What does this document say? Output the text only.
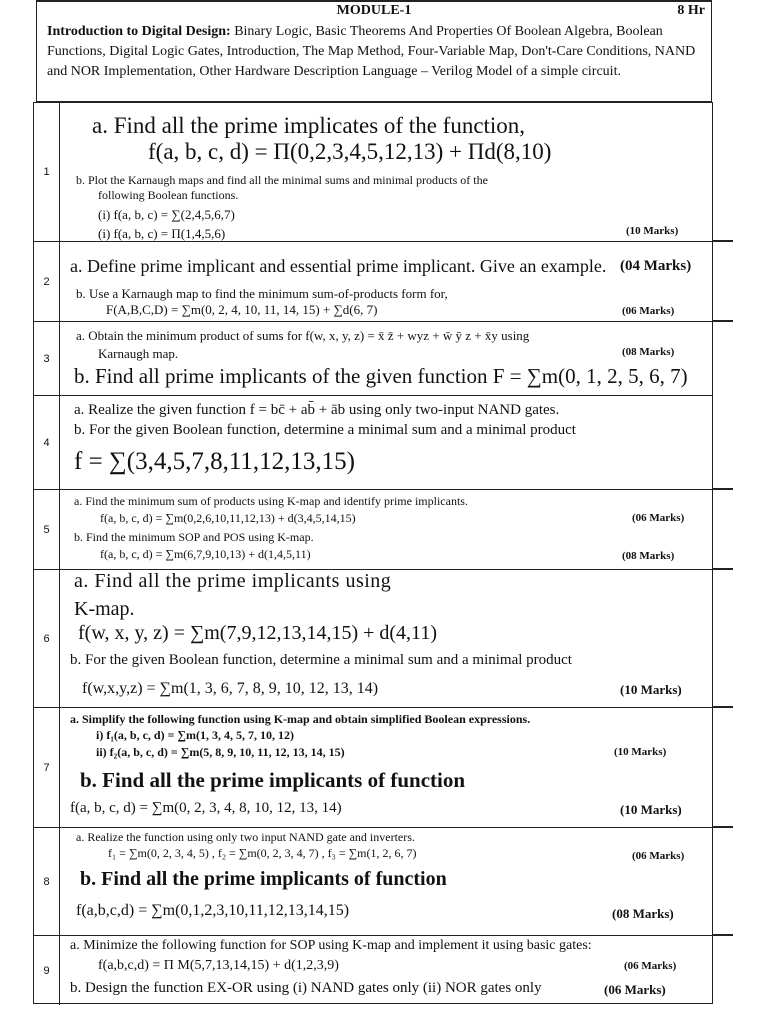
MODULE-1	8 Hr
Introduction to Digital Design: Binary Logic, Basic Theorems And Properties Of Boolean Algebra, Boolean Functions, Digital Logic Gates, Introduction, The Map Method, Four-Variable Map, Don't-Care Conditions, NAND and NOR Implementation, Other Hardware Description Language – Verilog Model of a simple circuit.
1
a. Find all the prime implicates of the function,
f(a, b, c, d) = Π(0,2,3,4,5,12,13) + Πd(8,10)
b. Plot the Karnaugh maps and find all the minimal sums and minimal products of the
following Boolean functions.
(i) f(a, b, c) = ∑(2,4,5,6,7)
(i) f(a, b, c) = Π(1,4,5,6)	(10 Marks)
2
a. Define prime implicant and essential prime implicant. Give an example. (04 Marks)
b. Use a Karnaugh map to find the minimum sum-of-products form for,
F(A,B,C,D) = ∑m(0, 2, 4, 10, 11, 14, 15) + ∑d(6, 7)	(06 Marks)
3
a. Obtain the minimum product of sums for f(w, x, y, z) = x̄ z̄ + wyz + w̄ ȳ z + x̄y using
Karnaugh map.	(08 Marks)
b. Find all prime implicants of the given function F = ∑m(0, 1, 2, 5, 6, 7)
4
a. Realize the given function f = bc̄ + ab̄ + āb using only two-input NAND gates.
b. For the given Boolean function, determine a minimal sum and a minimal product
f = ∑(3,4,5,7,8,11,12,13,15)
5
a. Find the minimum sum of products using K-map and identify prime implicants.
f(a, b, c, d) = ∑m(0,2,6,10,11,12,13) + d(3,4,5,14,15)	(06 Marks)
b. Find the minimum SOP and POS using K-map.
f(a, b, c, d) = ∑m(6,7,9,10,13) + d(1,4,5,11)	(08 Marks)
6
a. Find all the prime implicants using
K-map.
f(w, x, y, z) = ∑m(7,9,12,13,14,15) + d(4,11)
b. For the given Boolean function, determine a minimal sum and a minimal product
f(w,x,y,z) = ∑m(1, 3, 6, 7, 8, 9, 10, 12, 13, 14)	(10 Marks)
7
a. Simplify the following function using K-map and obtain simplified Boolean expressions.
i) f₁(a, b, c, d) = ∑m(1, 3, 4, 5, 7, 10, 12)
ii) f₂(a, b, c, d) = ∑m(5, 8, 9, 10, 11, 12, 13, 14, 15)	(10 Marks)
b. Find all the prime implicants of function
f(a, b, c, d) = ∑m(0, 2, 3, 4, 8, 10, 12, 13, 14)	(10 Marks)
8
a. Realize the function using only two input NAND gate and inverters.
f₁ = ∑m(0, 2, 3, 4, 5) , f₂ = ∑m(0, 2, 3, 4, 7) , f₃ = ∑m(1, 2, 6, 7)	(06 Marks)
b. Find all the prime implicants of function
f(a,b,c,d) = ∑m(0,1,2,3,10,11,12,13,14,15)	(08 Marks)
9
a. Minimize the following function for SOP using K-map and implement it using basic gates:
f(a,b,c,d) = Π M(5,7,13,14,15) + d(1,2,3,9)	(06 Marks)
b. Design the function EX-OR using (i) NAND gates only (ii) NOR gates only	(06 Marks)
